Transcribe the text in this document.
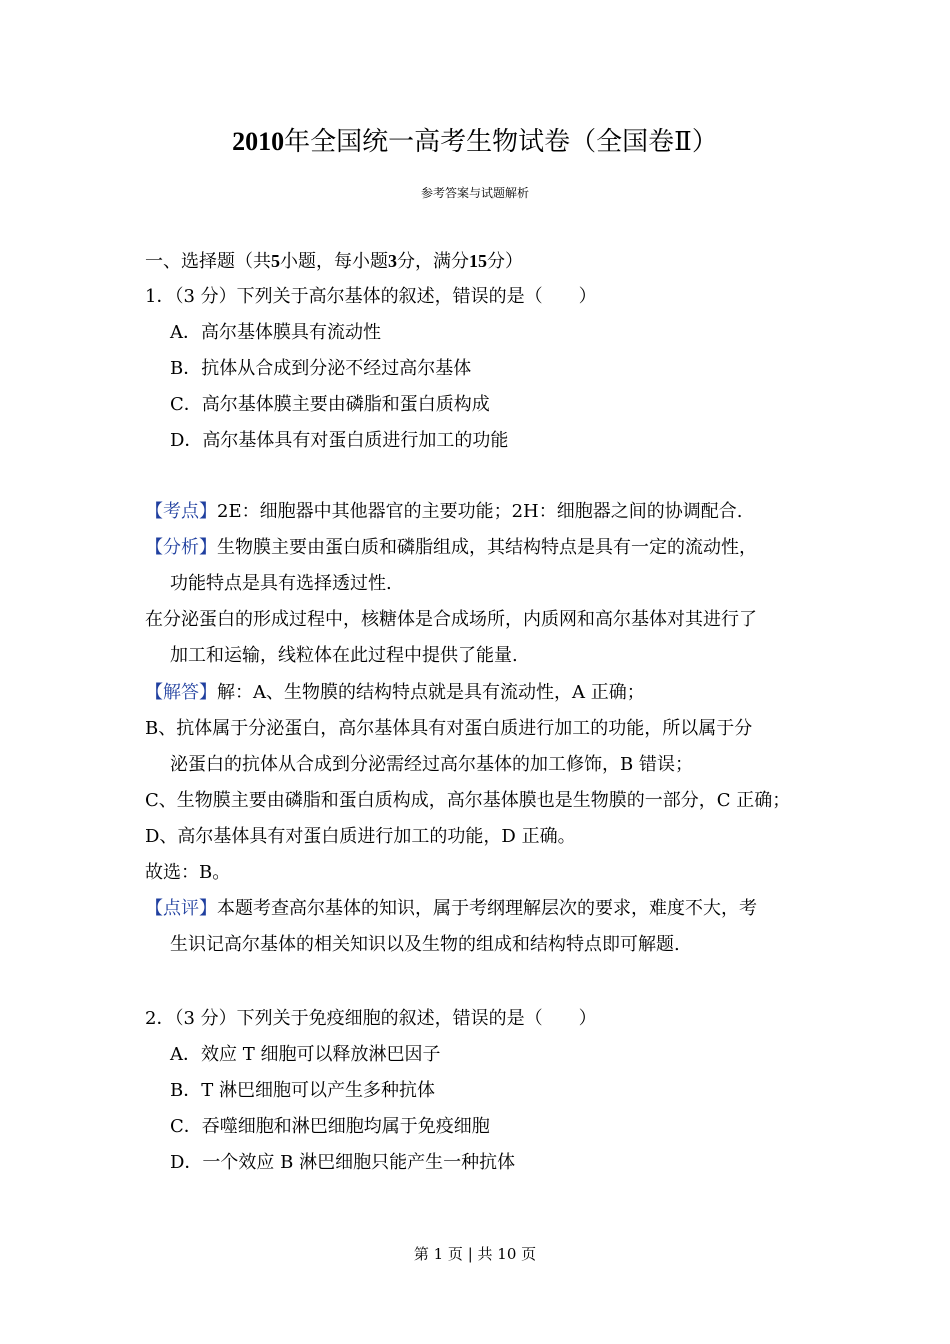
2010年全国统一高考生物试卷（全国卷Ⅱ）
参考答案与试题解析
一、选择题（共5小题，每小题3分，满分15分）
1．（3 分）下列关于高尔基体的叙述，错误的是（　　）
A．高尔基体膜具有流动性
B．抗体从合成到分泌不经过高尔基体
C．高尔基体膜主要由磷脂和蛋白质构成
D．高尔基体具有对蛋白质进行加工的功能
【考点】2E：细胞器中其他器官的主要功能；2H：细胞器之间的协调配合.
【分析】生物膜主要由蛋白质和磷脂组成，其结构特点是具有一定的流动性，
功能特点是具有选择透过性.
在分泌蛋白的形成过程中，核糖体是合成场所，内质网和高尔基体对其进行了
加工和运输，线粒体在此过程中提供了能量.
【解答】解：A、生物膜的结构特点就是具有流动性，A 正确；
B、抗体属于分泌蛋白，高尔基体具有对蛋白质进行加工的功能，所以属于分
泌蛋白的抗体从合成到分泌需经过高尔基体的加工修饰，B 错误；
C、生物膜主要由磷脂和蛋白质构成，高尔基体膜也是生物膜的一部分，C 正确；
D、高尔基体具有对蛋白质进行加工的功能，D 正确。
故选：B。
【点评】本题考查高尔基体的知识，属于考纲理解层次的要求，难度不大，考
生识记高尔基体的相关知识以及生物的组成和结构特点即可解题.
2．（3 分）下列关于免疫细胞的叙述，错误的是（　　）
A．效应 T 细胞可以释放淋巴因子
B．T 淋巴细胞可以产生多种抗体
C．吞噬细胞和淋巴细胞均属于免疫细胞
D．一个效应 B 淋巴细胞只能产生一种抗体
第 1 页 | 共 10 页
